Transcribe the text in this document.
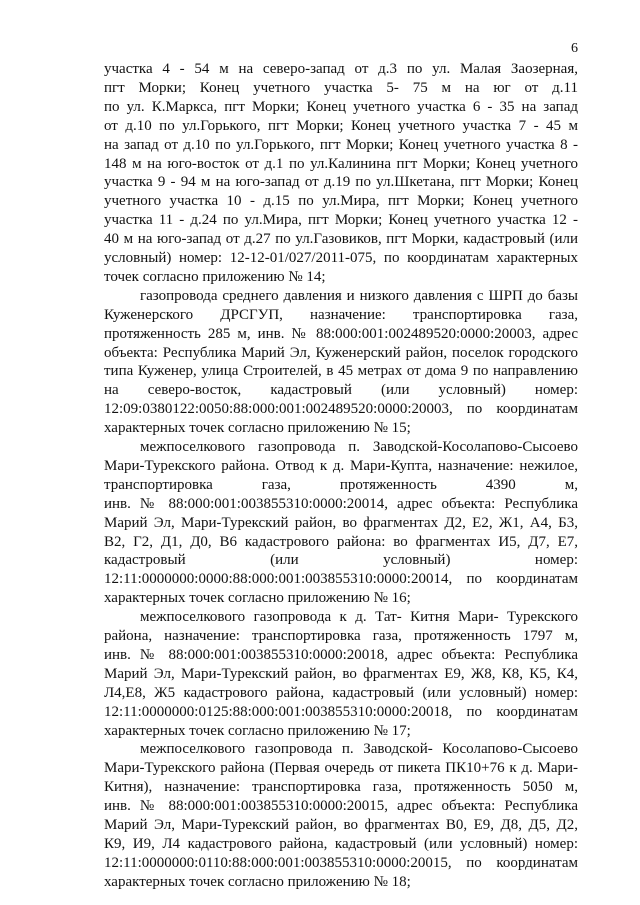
6
участка 4 - 54 м на северо-запад от д.3 по ул. Малая Заозерная,
пгт Морки; Конец учетного участка 5- 75 м на юг от д.11
по ул. К.Маркса, пгт Морки; Конец учетного участка 6 - 35 на запад
от д.10 по ул.Горького, пгт Морки; Конец учетного участка 7 - 45 м
на запад от д.10 по ул.Горького, пгт Морки; Конец учетного участка 8 -
148 м на юго-восток от д.1 по ул.Калинина пгт Морки; Конец учетного
участка 9 - 94 м на юго-запад от д.19 по ул.Шкетана, пгт Морки; Конец
учетного участка 10 - д.15 по ул.Мира, пгт Морки; Конец учетного
участка 11 - д.24 по ул.Мира, пгт Морки; Конец учетного участка 12 -
40 м на юго-запад от д.27 по ул.Газовиков, пгт Морки, кадастровый (или
условный) номер: 12-12-01/027/2011-075, по координатам характерных
точек согласно приложению № 14;
газопровода среднего давления и низкого давления с ШРП до базы
Куженерского ДРСГУП, назначение: транспортировка газа,
протяженность 285 м, инв. № 88:000:001:002489520:0000:20003, адрес
объекта: Республика Марий Эл, Куженерский район, поселок городского
типа Куженер, улица Строителей, в 45 метрах от дома 9 по направлению
на северо-восток, кадастровый (или условный) номер:
12:09:0380122:0050:88:000:001:002489520:0000:20003, по координатам
характерных точек согласно приложению № 15;
межпоселкового газопровода п. Заводской-Косолапово-Сысоево
Мари-Турекского района. Отвод к д. Мари-Купта, назначение: нежилое,
транспортировка газа, протяженность 4390 м,
инв. № 88:000:001:003855310:0000:20014, адрес объекта: Республика
Марий Эл, Мари-Турекский район, во фрагментах Д2, Е2, Ж1, А4, Б3,
В2, Г2, Д1, Д0, В6 кадастрового района: во фрагментах И5, Д7, Е7,
кадастровый (или условный) номер:
12:11:0000000:0000:88:000:001:003855310:0000:20014, по координатам
характерных точек согласно приложению № 16;
межпоселкового газопровода к д. Тат- Китня Мари- Турекского
района, назначение: транспортировка газа, протяженность 1797 м,
инв. № 88:000:001:003855310:0000:20018, адрес объекта: Республика
Марий Эл, Мари-Турекский район, во фрагментах Е9, Ж8, К8, К5, К4,
Л4,Е8, Ж5 кадастрового района, кадастровый (или условный) номер:
12:11:0000000:0125:88:000:001:003855310:0000:20018, по координатам
характерных точек согласно приложению № 17;
межпоселкового газопровода п. Заводской- Косолапово-Сысоево
Мари-Турекского района (Первая очередь от пикета ПК10+76 к д. Мари-
Китня), назначение: транспортировка газа, протяженность 5050 м,
инв. № 88:000:001:003855310:0000:20015, адрес объекта: Республика
Марий Эл, Мари-Турекский район, во фрагментах В0, Е9, Д8, Д5, Д2,
К9, И9, Л4 кадастрового района, кадастровый (или условный) номер:
12:11:0000000:0110:88:000:001:003855310:0000:20015, по координатам
характерных точек согласно приложению № 18;
